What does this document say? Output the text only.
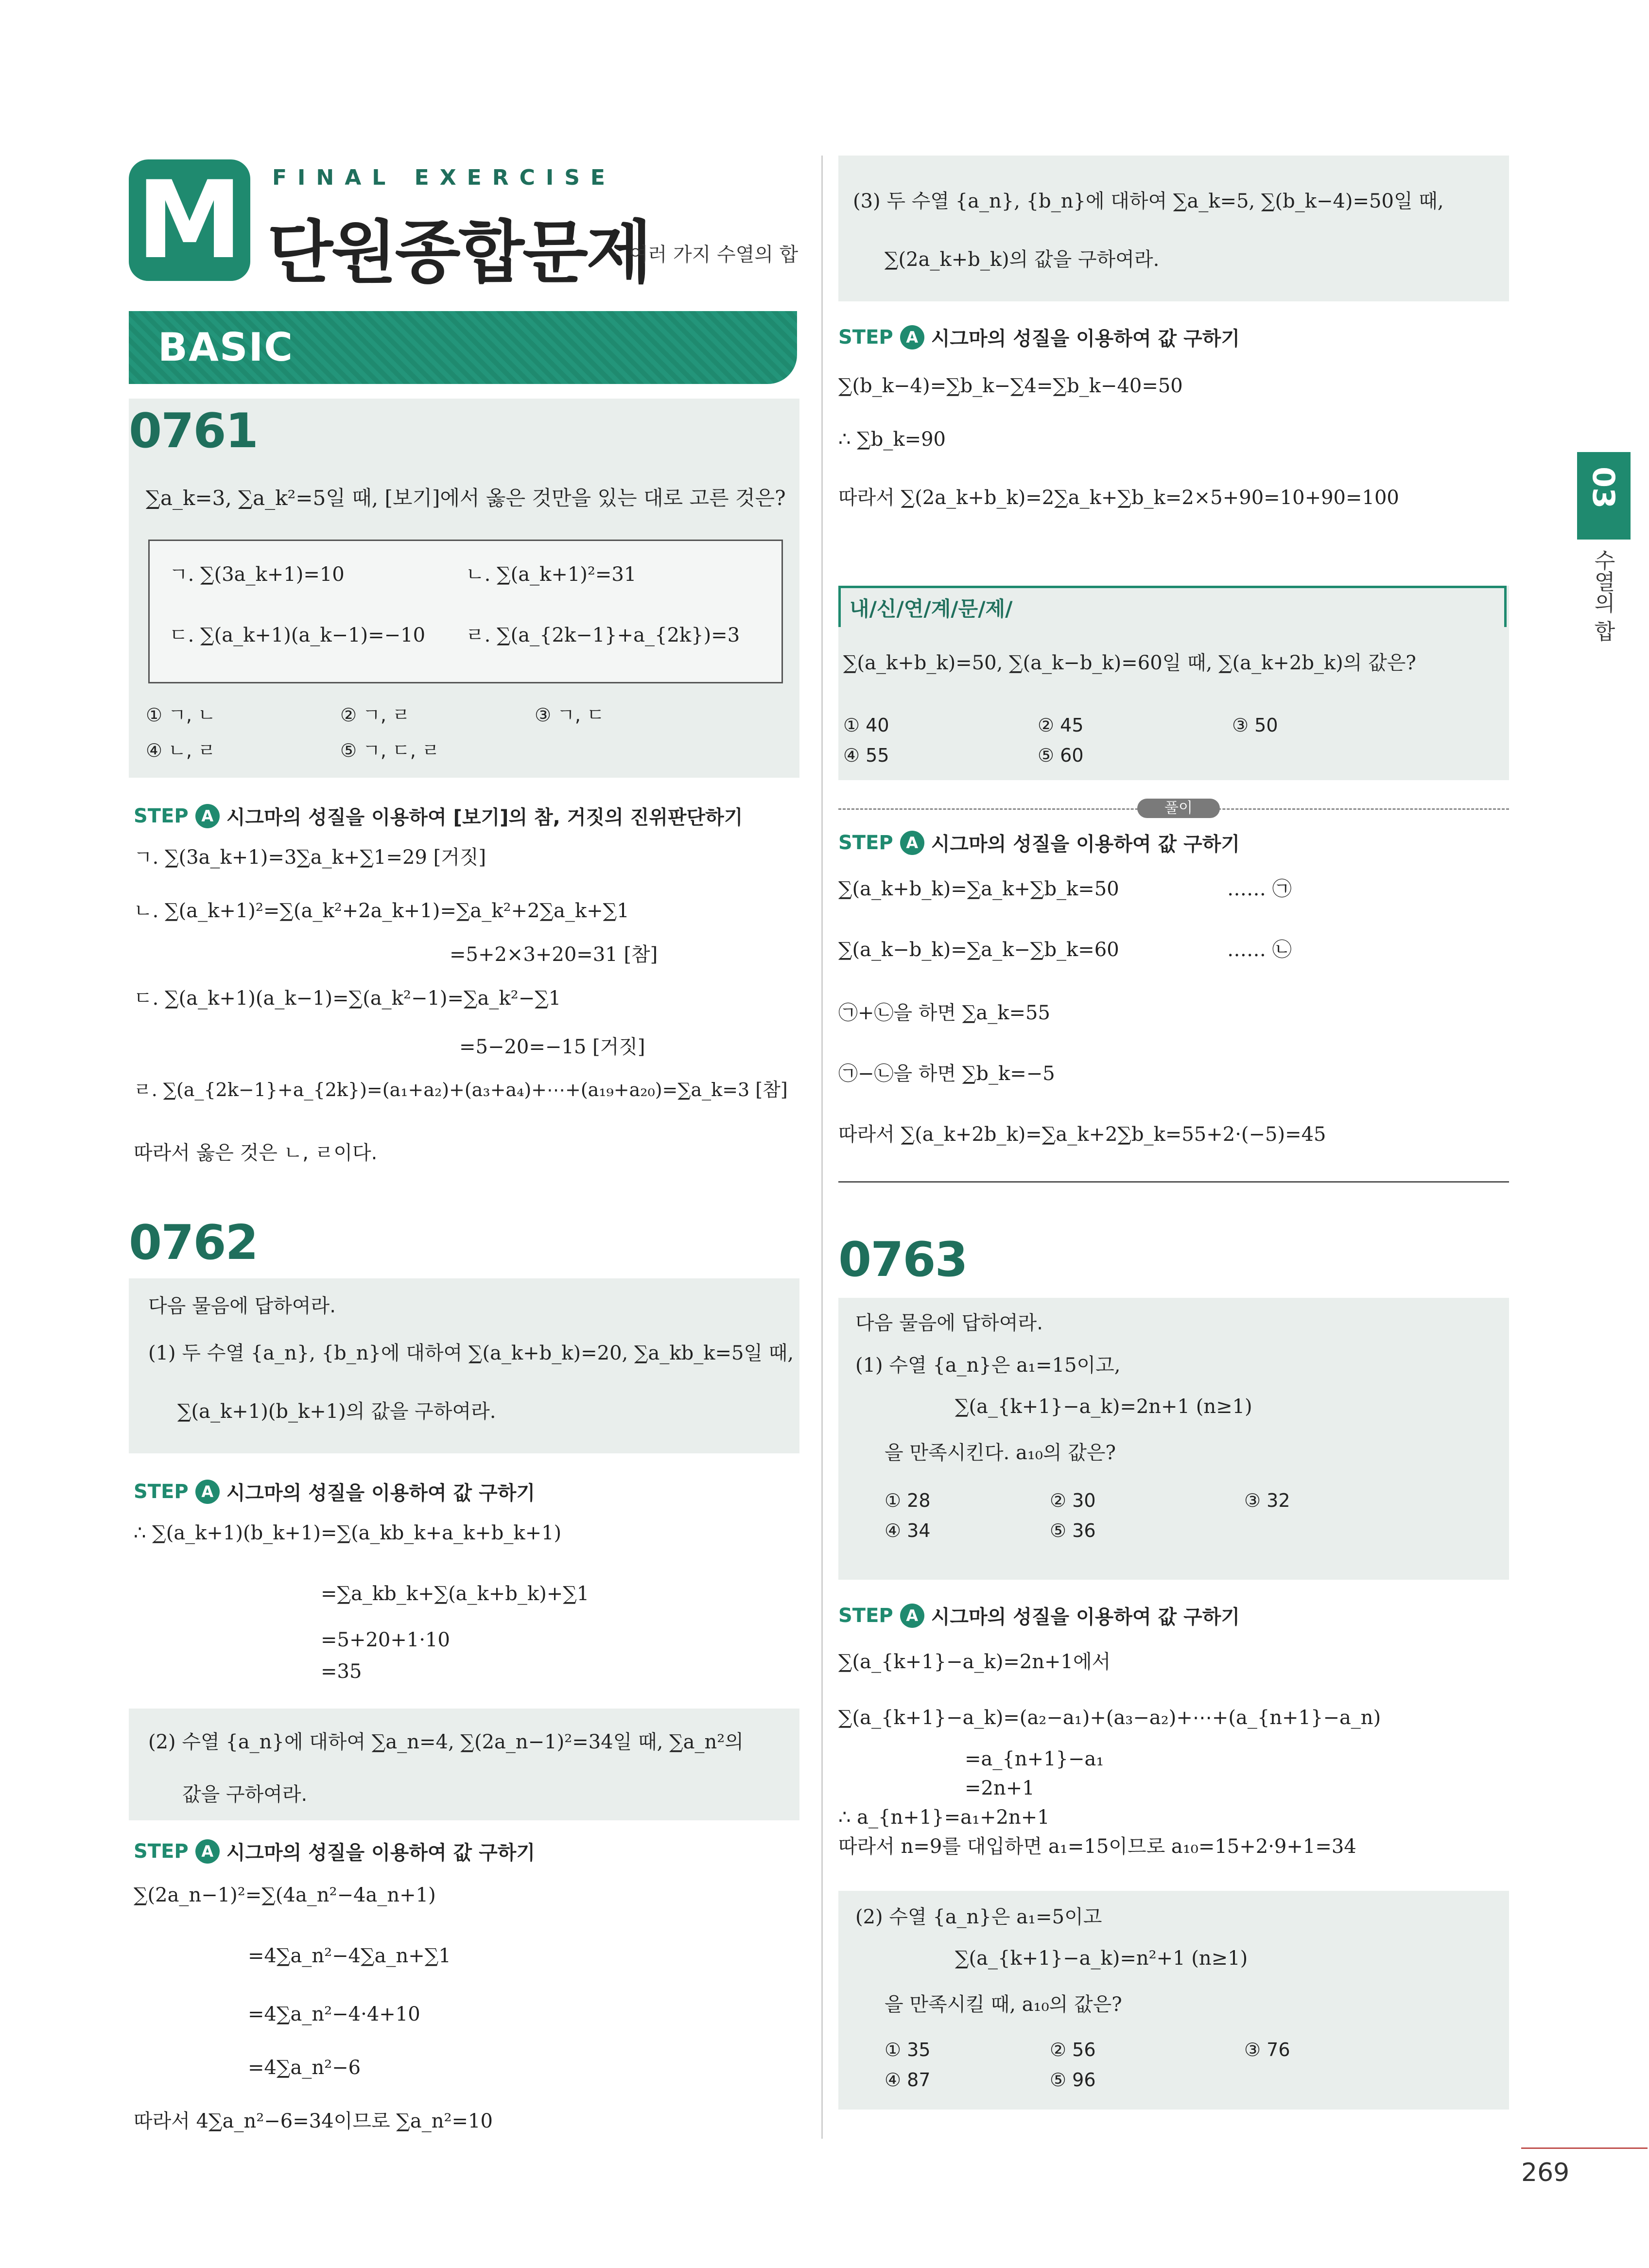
M	FINAL EXERCISE
단원종합문제
여러 가지 수열의 합
BASIC
03
수열의 합
0761
∑a_k=3, ∑a_k²=5일 때, [보기]에서 옳은 것만을 있는 대로 고른 것은?
ㄱ. ∑(3a_k+1)=10	ㄴ. ∑(a_k+1)²=31
ㄷ. ∑(a_k+1)(a_k−1)=−10 ㄹ. ∑(a_{2k−1}+a_{2k})=3
① ㄱ, ㄴ	② ㄱ, ㄹ	③ ㄱ, ㄷ
④ ㄴ, ㄹ	⑤ ㄱ, ㄷ, ㄹ
STEP A 시그마의 성질을 이용하여 [보기]의 참, 거짓의 진위판단하기
ㄱ. ∑(3a_k+1)=3∑a_k+∑1=29 [거짓]
ㄴ. ∑(a_k+1)²=∑(a_k²+2a_k+1)=∑a_k²+2∑a_k+∑1
=5+2×3+20=31 [참]
ㄷ. ∑(a_k+1)(a_k−1)=∑(a_k²−1)=∑a_k²−∑1
=5−20=−15 [거짓]
ㄹ. ∑(a_{2k−1}+a_{2k})=(a₁+a₂)+(a₃+a₄)+⋯+(a₁₉+a₂₀)=∑a_k=3 [참]
따라서 옳은 것은 ㄴ, ㄹ이다.
0762
다음 물음에 답하여라.
(1) 두 수열 {a_n}, {b_n}에 대하여 ∑(a_k+b_k)=20, ∑a_kb_k=5일 때,
∑(a_k+1)(b_k+1)의 값을 구하여라.
STEP A 시그마의 성질을 이용하여 값 구하기
∴ ∑(a_k+1)(b_k+1)=∑(a_kb_k+a_k+b_k+1)
=∑a_kb_k+∑(a_k+b_k)+∑1
=5+20+1·10
=35
(2) 수열 {a_n}에 대하여 ∑a_n=4, ∑(2a_n−1)²=34일 때, ∑a_n²의
값을 구하여라.
STEP A 시그마의 성질을 이용하여 값 구하기
∑(2a_n−1)²=∑(4a_n²−4a_n+1)
=4∑a_n²−4∑a_n+∑1
=4∑a_n²−4·4+10
=4∑a_n²−6
따라서 4∑a_n²−6=34이므로 ∑a_n²=10
(3) 두 수열 {a_n}, {b_n}에 대하여 ∑a_k=5, ∑(b_k−4)=50일 때,
∑(2a_k+b_k)의 값을 구하여라.
STEP A 시그마의 성질을 이용하여 값 구하기
∑(b_k−4)=∑b_k−∑4=∑b_k−40=50
∴ ∑b_k=90
따라서 ∑(2a_k+b_k)=2∑a_k+∑b_k=2×5+90=10+90=100
내/신/연/계/문/제/
∑(a_k+b_k)=50, ∑(a_k−b_k)=60일 때, ∑(a_k+2b_k)의 값은?
① 40	② 45	③ 50
④ 55	⑤ 60
풀이
STEP A 시그마의 성질을 이용하여 값 구하기
∑(a_k+b_k)=∑a_k+∑b_k=50	…… ㉠
∑(a_k−b_k)=∑a_k−∑b_k=60	…… ㉡
㉠+㉡을 하면 ∑a_k=55
㉠−㉡을 하면 ∑b_k=−5
따라서 ∑(a_k+2b_k)=∑a_k+2∑b_k=55+2·(−5)=45
0763
다음 물음에 답하여라.
(1) 수열 {a_n}은 a₁=15이고,
∑(a_{k+1}−a_k)=2n+1 (n≥1)
을 만족시킨다. a₁₀의 값은?
① 28	② 30	③ 32
④ 34	⑤ 36
STEP A 시그마의 성질을 이용하여 값 구하기
∑(a_{k+1}−a_k)=2n+1에서
∑(a_{k+1}−a_k)=(a₂−a₁)+(a₃−a₂)+⋯+(a_{n+1}−a_n)
=a_{n+1}−a₁
=2n+1
∴ a_{n+1}=a₁+2n+1
따라서 n=9를 대입하면 a₁=15이므로 a₁₀=15+2·9+1=34
(2) 수열 {a_n}은 a₁=5이고
∑(a_{k+1}−a_k)=n²+1 (n≥1)
을 만족시킬 때, a₁₀의 값은?
① 35	② 56	③ 76
④ 87	⑤ 96
269
